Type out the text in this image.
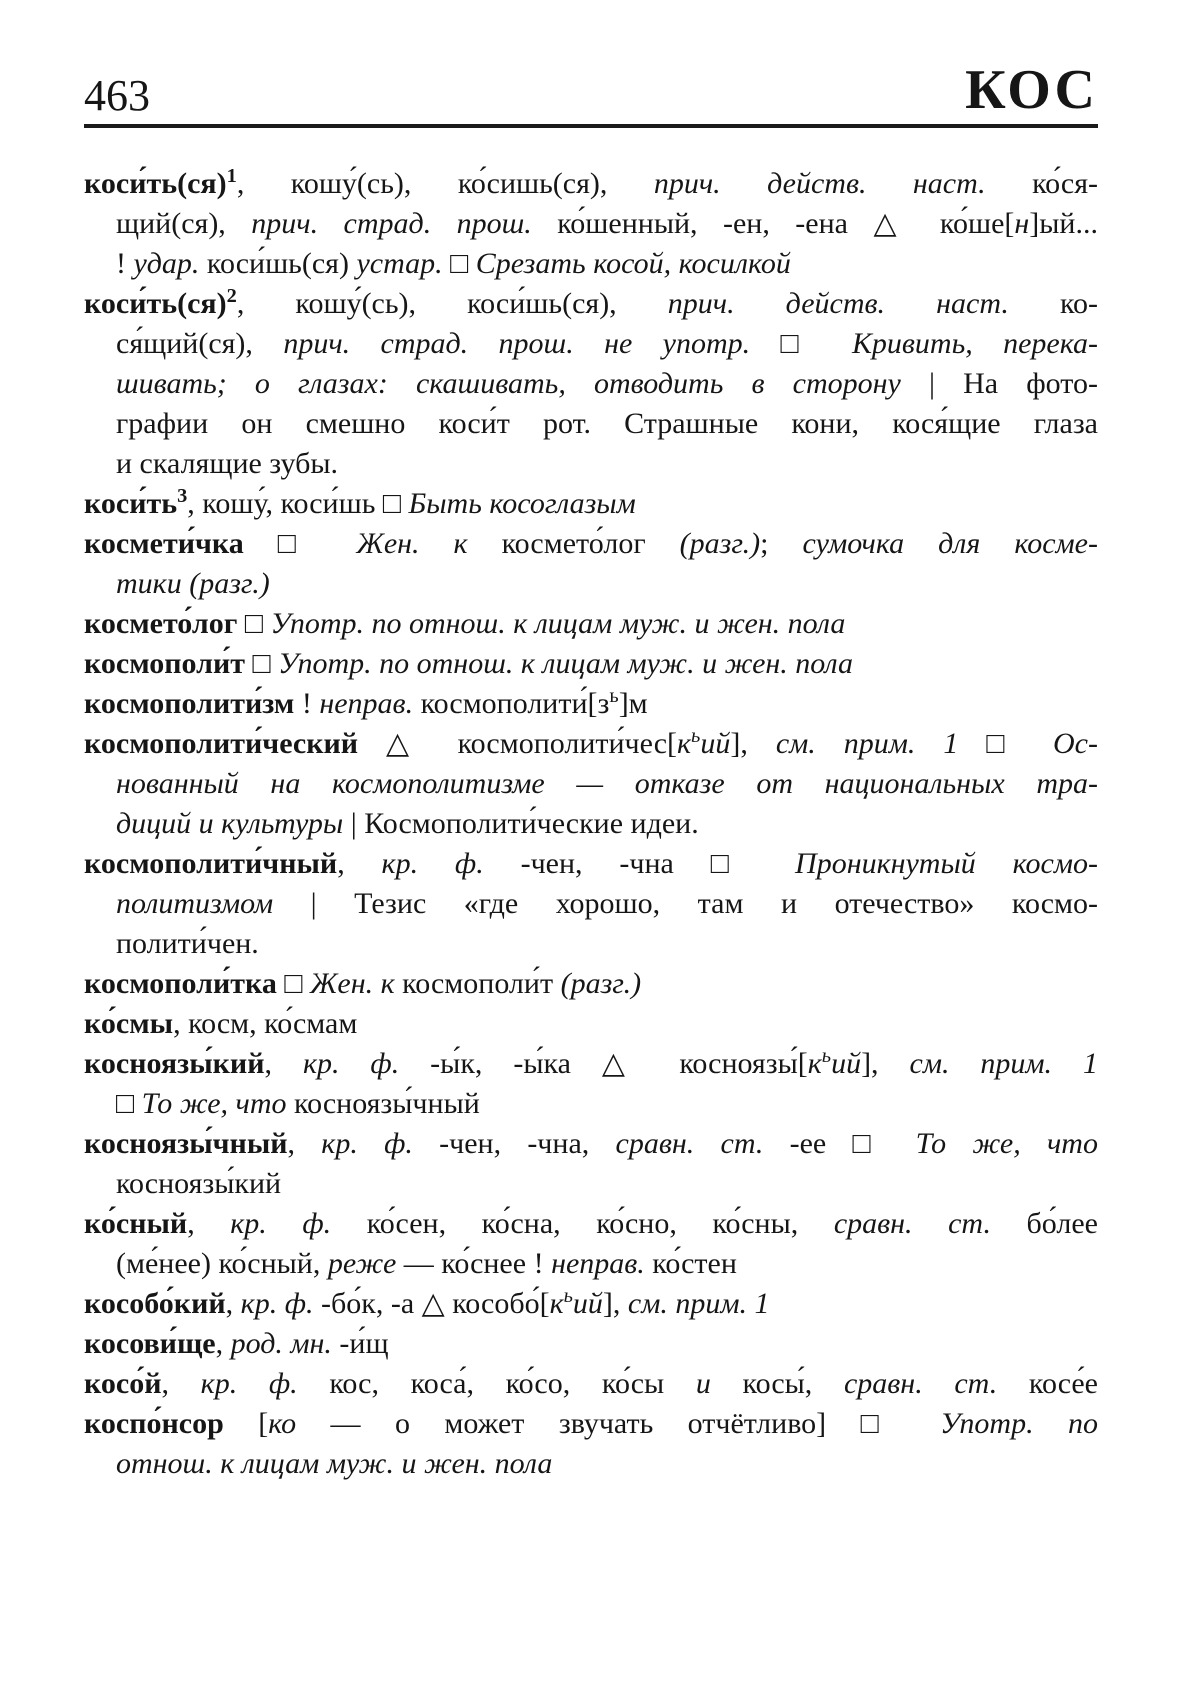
463	КОС
коси́ть(ся)$^1$, кошу́(сь), ко́сишь(ся), прич. действ. наст. ко́ся-
щий(ся), прич. страд. прош. ко́шенный, -ен, -ена △ ко́ше[н]ый...
! удар. коси́шь(ся) устар. □ Срезать косой, косилкой
коси́ть(ся)$^2$, кошу́(сь), коси́шь(ся), прич. действ. наст. ко-
ся́щий(ся), прич. страд. прош. не употр. □ Кривить, перека-
шивать; о глазах: скашивать, отводить в сторону | На фото-
графии он смешно коси́т рот. Страшные кони, кося́щие глаза
и скалящие зубы.
$коси́ть^3$, кошу́, коси́шь □ Быть косоглазым
космети́чка □ Жен. к космето́лог (разг.); сумочка для косме-
тики (разг.)
космето́лог □ Употр. по отнош. к лицам муж. и жен. пола
космополи́т □ Употр. по отнош. к лицам муж. и жен. пола
космополити́зм ! неправ. $космополити́[з^ь]м$
космополити́ческий △ $космополити́чес[к^ьий]$, см. прим. 1 □ Ос-
нованный на космополитизме — отказе от национальных тра-
диций и культуры | Космополити́ческие идеи.
космополити́чный, кр. ф. -чен, -чна □ Проникнутый космо-
политизмом | Тезис «где хорошо, там и отечество» космо-
полити́чен.
космополи́тка □ Жен. к космополи́т (разг.)
ко́смы, косм, ко́смам
косноязы́кий, кр. ф. -ы́к, -ы́ка △ $косноязы́[к^ьий]$, см. прим. 1
□ То же, что косноязы́чный
косноязы́чный, кр. ф. -чен, -чна, сравн. ст. -ее □ То же, что
косноязы́кий
ко́сный, кр. ф. ко́сен, ко́сна, ко́сно, ко́сны, сравн. ст. бо́лее
(ме́нее) ко́сный, реже — ко́снее ! неправ. ко́стен
кособо́кий, кр. ф. -бо́к, -а △ $кособо́[к^ьий]$, см. прим. 1
косови́ще, род. мн. -и́щ
косо́й, кр. ф. кос, коса́, ко́со, ко́сы и косы́, сравн. ст. косе́е
коспо́нсор [ко — о может звучать отчётливо] □ Употр. по
отнош. к лицам муж. и жен. пола
